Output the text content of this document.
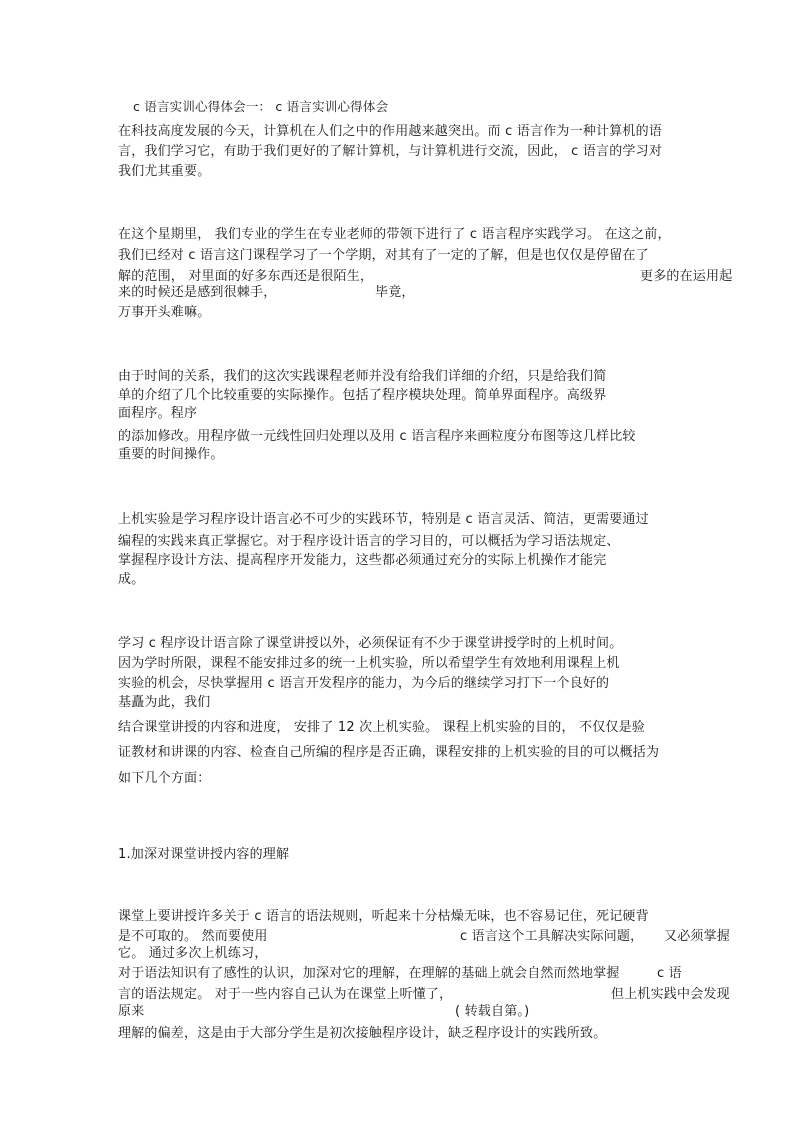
c 语言实训心得体会一： c 语言实训心得体会
在科技高度发展的今天，计算机在人们之中的作用越来越突出。而 c 语言作为一种计算机的语
言，我们学习它，有助于我们更好的了解计算机，与计算机进行交流，因此， c 语言的学习对
我们尤其重要。
在这个星期里， 我们专业的学生在专业老师的带领下进行了 c 语言程序实践学习。 在这之前，
我们已经对 c 语言这门课程学习了一个学期，对其有了一定的了解，但是也仅仅是停留在了
解的范围， 对里面的好多东西还是很陌生，	更多的在运用起
来的时候还是感到很棘手，	毕竟，
万事开头难嘛。
由于时间的关系，我们的这次实践课程老师并没有给我们详细的介绍，只是给我们简
单的介绍了几个比较重要的实际操作。包括了程序模块处理。简单界面程序。高级界
面程序。程序
的添加修改。用程序做一元线性回归处理以及用 c 语言程序来画粒度分布图等这几样比较
重要的时间操作。
上机实验是学习程序设计语言必不可少的实践环节，特别是 c 语言灵活、简洁，更需要通过
编程的实践来真正掌握它。对于程序设计语言的学习目的，可以概括为学习语法规定、
掌握程序设计方法、提高程序开发能力，这些都必须通过充分的实际上机操作才能完
成。
学习 c 程序设计语言除了课堂讲授以外，必须保证有不少于课堂讲授学时的上机时间。
因为学时所限，课程不能安排过多的统一上机实验，所以希望学生有效地利用课程上机
实验的机会，尽快掌握用 c 语言开发程序的能力，为今后的继续学习打下一个良好的
基矗为此，我们
结合课堂讲授的内容和进度， 安排了 12 次上机实验。 课程上机实验的目的， 不仅仅是验
证教材和讲课的内容、检查自己所编的程序是否正确，课程安排的上机实验的目的可以概括为
如下几个方面：
1.加深对课堂讲授内容的理解
课堂上要讲授许多关于 c 语言的语法规则，听起来十分枯燥无味，也不容易记住，死记硬背
是不可取的。 然而要使用	c 语言这个工具解决实际问题， 又必须掌握
它。 通过多次上机练习，
对于语法知识有了感性的认识，加深对它的理解，在理解的基础上就会自然而然地掌握	c 语
言的语法规定。 对于一些内容自己认为在课堂上听懂了，	但上机实践中会发现
原来	( 转载自第。)
理解的偏差，这是由于大部分学生是初次接触程序设计，缺乏程序设计的实践所致。
